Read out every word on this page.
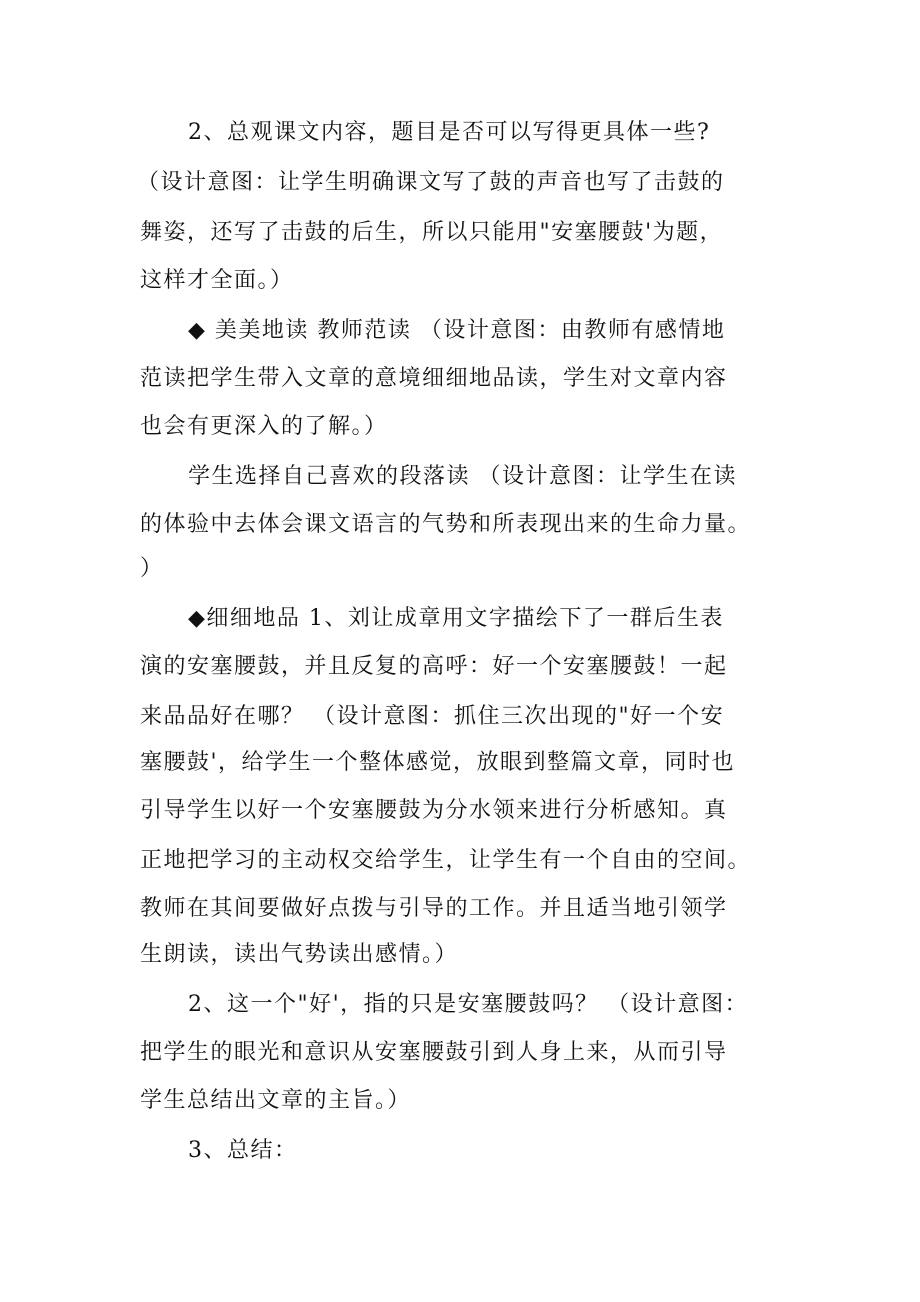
2、总观课文内容，题目是否可以写得更具体一些?
（设计意图：让学生明确课文写了鼓的声音也写了击鼓的
舞姿，还写了击鼓的后生，所以只能用"安塞腰鼓'为题，
这样才全面。）
◆ 美美地读 教师范读 （设计意图：由教师有感情地
范读把学生带入文章的意境细细地品读，学生对文章内容
也会有更深入的了解。）
学生选择自己喜欢的段落读 （设计意图：让学生在读
的体验中去体会课文语言的气势和所表现出来的生命力量。
）
◆细细地品 1、刘让成章用文字描绘下了一群后生表
演的安塞腰鼓，并且反复的高呼：好一个安塞腰鼓！一起
来品品好在哪？ （设计意图：抓住三次出现的"好一个安
塞腰鼓'，给学生一个整体感觉，放眼到整篇文章，同时也
引导学生以好一个安塞腰鼓为分水领来进行分析感知。真
正地把学习的主动权交给学生，让学生有一个自由的空间。
教师在其间要做好点拨与引导的工作。并且适当地引领学
生朗读，读出气势读出感情。）
2、这一个"好'，指的只是安塞腰鼓吗？ （设计意图：
把学生的眼光和意识从安塞腰鼓引到人身上来，从而引导
学生总结出文章的主旨。）
3、总结：
